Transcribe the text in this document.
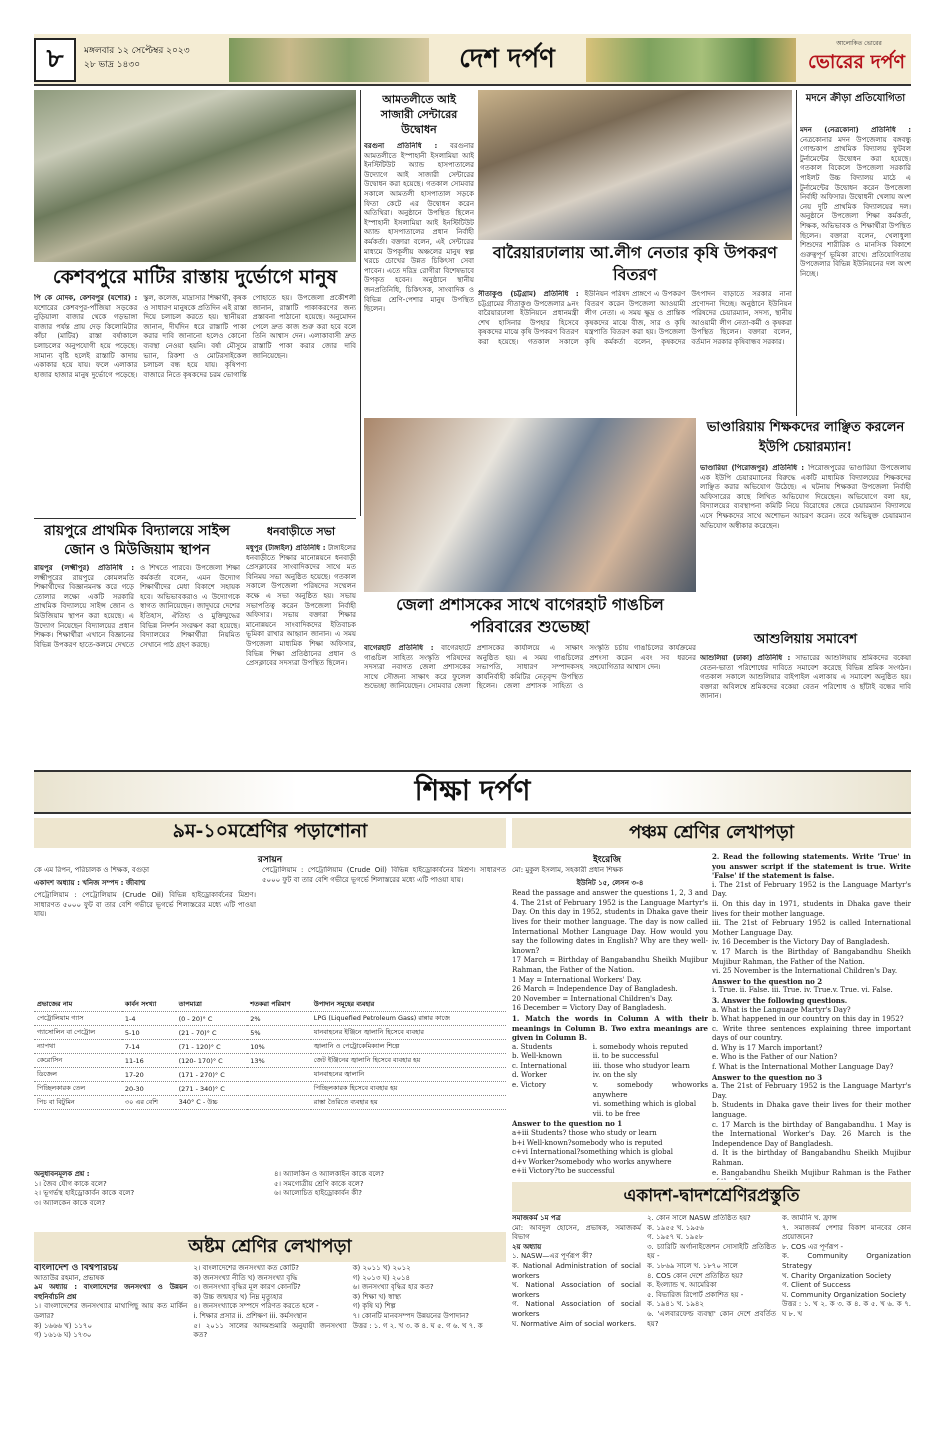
৮	মঙ্গলবার ১২ সেপ্টেম্বর ২০২৩
২৮ ভাদ্র ১৪৩০	দেশ দর্পণ
আলোকিত ভোরের
ভোরের দর্পণ
কেশবপুরে মাটির রাস্তায় দুর্ভোগে মানুষ
পি কে মোদক, কেশবপুর (যশোর) : যশোরের কেশবপুর-পাঁজিয়া সড়কের নুড়িয়ালা বাজার থেকে গড়ভাঙ্গা বাজার পর্যন্ত প্রায় দেড় কিলোমিটার কাঁচা (মাটির) রাস্তা বর্ষাকালে চলাচলের অনুপযোগী হয়ে পড়েছে। সামান্য বৃষ্টি হলেই রাস্তাটি কাদায় একাকার হয়ে যায়। ফলে এলাকার হাজার হাজার মানুষ দুর্ভোগে পড়েছে। স্কুল, কলেজ, মাদ্রাসার শিক্ষার্থী, কৃষক ও সাধারণ মানুষকে প্রতিদিন এই রাস্তা দিয়ে চলাচল করতে হয়। স্থানীয়রা জানান, দীর্ঘদিন ধরে রাস্তাটি পাকা করার দাবি জানানো হলেও কোনো ব্যবস্থা নেওয়া হয়নি। বর্ষা মৌসুমে ভ্যান, রিকশা ও মোটরসাইকেল চলাচল বন্ধ হয়ে যায়। কৃষিপণ্য বাজারে নিতে কৃষকদের চরম ভোগান্তি পোহাতে হয়। উপজেলা প্রকৌশলী জানান, রাস্তাটি পাকাকরণের জন্য প্রস্তাবনা পাঠানো হয়েছে। অনুমোদন পেলে দ্রুত কাজ শুরু করা হবে বলে তিনি আশ্বাস দেন। এলাকাবাসী দ্রুত রাস্তাটি পাকা করার জোর দাবি জানিয়েছেন।
রায়পুরে প্রাথমিক বিদ্যালয়ে সাইন্স জোন ও মিউজিয়াম স্থাপন
রায়পুর (লক্ষ্মীপুর) প্রতিনিধি : লক্ষ্মীপুরের রায়পুরে কোমলমতি শিক্ষার্থীদের বিজ্ঞানমনস্ক করে গড়ে তোলার লক্ষ্যে একটি সরকারি প্রাথমিক বিদ্যালয়ে সাইন্স জোন ও মিউজিয়াম স্থাপন করা হয়েছে। এ উদ্যোগ নিয়েছেন বিদ্যালয়ের প্রধান শিক্ষক। শিক্ষার্থীরা এখানে বিজ্ঞানের বিভিন্ন উপকরণ হাতে-কলমে দেখতে ও শিখতে পারবে। উপজেলা শিক্ষা কর্মকর্তা বলেন, এমন উদ্যোগ শিক্ষার্থীদের মেধা বিকাশে সহায়ক হবে। অভিভাবকরাও এ উদ্যোগকে স্বাগত জানিয়েছেন। জাদুঘরে দেশের ইতিহাস, ঐতিহ্য ও মুক্তিযুদ্ধের বিভিন্ন নিদর্শন সংরক্ষণ করা হয়েছে। বিদ্যালয়ের শিক্ষার্থীরা নিয়মিত সেখানে পাঠ গ্রহণ করছে।
ধনবাড়ীতে সভা
মধুপুর (টাঙ্গাইল) প্রতিনিধি : টাঙ্গাইলের ধনবাড়ীতে শিক্ষার মানোন্নয়নে ধনবাড়ী প্রেসক্লাবের সাংবাদিকদের সাথে মত বিনিময় সভা অনুষ্ঠিত হয়েছে। গতকাল সকালে উপজেলা পরিষদের সম্মেলন কক্ষে এ সভা অনুষ্ঠিত হয়। সভায় সভাপতিত্ব করেন উপজেলা নির্বাহী অফিসার। সভায় বক্তারা শিক্ষার মানোন্নয়নে সাংবাদিকদের ইতিবাচক ভূমিকা রাখার আহ্বান জানান। এ সময় উপজেলা মাধ্যমিক শিক্ষা অফিসার, বিভিন্ন শিক্ষা প্রতিষ্ঠানের প্রধান ও প্রেসক্লাবের সদস্যরা উপস্থিত ছিলেন।
আমতলীতে আই সাজারী সেন্টারের উদ্বোধন
বরগুনা প্রতিনিধি : বরগুনার আমতলীতে ইস্পাহানী ইসলামিয়া আই ইনস্টিটিউট অ্যান্ড হাসপাতালের উদ্যোগে আই সাজারী সেন্টারের উদ্বোধন করা হয়েছে। গতকাল সোমবার সকালে আমতলী হাসপাতাল সড়কে ফিতা কেটে এর উদ্বোধন করেন অতিথিরা। অনুষ্ঠানে উপস্থিত ছিলেন ইস্পাহানী ইসলামিয়া আই ইনস্টিটিউট অ্যান্ড হাসপাতালের প্রধান নির্বাহী কর্মকর্তা। বক্তারা বলেন, এই সেন্টারের মাধ্যমে উপকূলীয় অঞ্চলের মানুষ স্বল্প খরচে চোখের উন্নত চিকিৎসা সেবা পাবেন। এতে দরিদ্র রোগীরা বিশেষভাবে উপকৃত হবেন। অনুষ্ঠানে স্থানীয় জনপ্রতিনিধি, চিকিৎসক, সাংবাদিক ও বিভিন্ন শ্রেণি-পেশার মানুষ উপস্থিত ছিলেন।
বারৈয়ারঢালায় আ.লীগ নেতার কৃষি উপকরণ বিতরণ
সীতাকুণ্ড (চট্টগ্রাম) প্রতিনিধি : চট্টগ্রামের সীতাকুণ্ড উপজেলার ৯নং বারৈয়ারঢালা ইউনিয়নে প্রধানমন্ত্রী শেখ হাসিনার উপহার হিসেবে কৃষকদের মাঝে কৃষি উপকরণ বিতরণ করা হয়েছে। গতকাল সকালে ইউনিয়ন পরিষদ প্রাঙ্গণে এ উপকরণ বিতরণ করেন উপজেলা আওয়ামী লীগ নেতা। এ সময় ক্ষুদ্র ও প্রান্তিক কৃষকদের মাঝে বীজ, সার ও কৃষি যন্ত্রপাতি বিতরণ করা হয়। উপজেলা কৃষি কর্মকর্তা বলেন, কৃষকদের উৎপাদন বাড়াতে সরকার নানা প্রণোদনা দিচ্ছে। অনুষ্ঠানে ইউনিয়ন পরিষদের চেয়ারম্যান, সদস্য, স্থানীয় আওয়ামী লীগ নেতা-কর্মী ও কৃষকরা উপস্থিত ছিলেন। বক্তারা বলেন, বর্তমান সরকার কৃষিবান্ধব সরকার।
মদনে ক্রীড়া প্রতিযোগিতা
মদন (নেত্রকোনা) প্রতিনিধি : নেত্রকোনার মদন উপজেলায় বঙ্গবন্ধু গোল্ডকাপ প্রাথমিক বিদ্যালয় ফুটবল টুর্নামেন্টের উদ্বোধন করা হয়েছে। গতকাল বিকেলে উপজেলা সরকারি পাইলট উচ্চ বিদ্যালয় মাঠে এ টুর্নামেন্টের উদ্বোধন করেন উপজেলা নির্বাহী অফিসার। উদ্বোধনী খেলায় অংশ নেয় দুটি প্রাথমিক বিদ্যালয়ের দল। অনুষ্ঠানে উপজেলা শিক্ষা কর্মকর্তা, শিক্ষক, অভিভাবক ও শিক্ষার্থীরা উপস্থিত ছিলেন। বক্তারা বলেন, খেলাধুলা শিশুদের শারীরিক ও মানসিক বিকাশে গুরুত্বপূর্ণ ভূমিকা রাখে। প্রতিযোগিতায় উপজেলার বিভিন্ন ইউনিয়নের দল অংশ নিচ্ছে।
জেলা প্রশাসকের সাথে বাগেরহাট গাঙচিল পরিবারের শুভেচ্ছা
বাগেরহাট প্রতিনিধি : বাগেরহাটে গাঙচিল সাহিত্য সংস্কৃতি পরিষদের সদস্যরা নবাগত জেলা প্রশাসকের সাথে সৌজন্য সাক্ষাৎ করে ফুলেল শুভেচ্ছা জানিয়েছেন। সোমবার জেলা প্রশাসকের কার্যালয়ে এ সাক্ষাৎ অনুষ্ঠিত হয়। এ সময় গাঙচিলের সভাপতি, সাধারণ সম্পাদকসহ কার্যনির্বাহী কমিটির নেতৃবৃন্দ উপস্থিত ছিলেন। জেলা প্রশাসক সাহিত্য ও সংস্কৃতি চর্চায় গাঙচিলের কার্যক্রমের প্রশংসা করেন এবং সব ধরনের সহযোগিতার আশ্বাস দেন।
ভাণ্ডারিয়ায় শিক্ষকদের লাঞ্ছিত করলেন ইউপি চেয়ারম্যান!
ভাণ্ডারিয়া (পিরোজপুর) প্রতিনিধি : পিরোজপুরের ভাণ্ডারিয়া উপজেলায় এক ইউপি চেয়ারম্যানের বিরুদ্ধে একটি মাধ্যমিক বিদ্যালয়ের শিক্ষকদের লাঞ্ছিত করার অভিযোগ উঠেছে। এ ঘটনায় শিক্ষকরা উপজেলা নির্বাহী অফিসারের কাছে লিখিত অভিযোগ দিয়েছেন। অভিযোগে বলা হয়, বিদ্যালয়ের ব্যবস্থাপনা কমিটি নিয়ে বিরোধের জেরে চেয়ারম্যান বিদ্যালয়ে এসে শিক্ষকদের সাথে অশোভন আচরণ করেন। তবে অভিযুক্ত চেয়ারম্যান অভিযোগ অস্বীকার করেছেন।
আশুলিয়ায় সমাবেশ
আশুলিয়া (ঢাকা) প্রতিনিধি : সাভারের আশুলিয়ায় শ্রমিকদের বকেয়া বেতন-ভাতা পরিশোধের দাবিতে সমাবেশ করেছে বিভিন্ন শ্রমিক সংগঠন। গতকাল সকালে আশুলিয়ার বাইপাইল এলাকায় এ সমাবেশ অনুষ্ঠিত হয়। বক্তারা অবিলম্বে শ্রমিকদের বকেয়া বেতন পরিশোধ ও ছাঁটাই বন্ধের দাবি জানান।
শিক্ষা দর্পণ
৯ম-১০মশ্রেণির পড়াশোনা
রসায়ন
কে এম রিপন, পরিচালক ও শিক্ষক, বগুড়া
একাদশ অধ্যায় : খনিজ সম্পদ : জীবাশ্ম
পেট্রোলিয়াম : পেট্রোলিয়াম (Crude Oil) বিভিন্ন হাইড্রোকার্বনের মিশ্রণ। সাধারণত ৫০০০ ফুট বা তার বেশি গভীরে ভূগর্ভে শিলাস্তরের মধ্যে এটি পাওয়া যায়।
পেট্রোলিয়াম : পেট্রোলিয়াম (Crude Oil) বিভিন্ন হাইড্রোকার্বনের মিশ্রণ। সাধারণত ৫০০০ ফুট বা তার বেশি গভীরে ভূগর্ভে শিলাস্তরের মধ্যে এটি পাওয়া যায়।
প্রভাজের নাম	কার্বন সংখ্যা	তাপমাত্রা	শতকরা পরিমাণ	উপাদান সমূহের ব্যবহার
পেট্রোলিয়াম গ্যাস	1-4	(0 - 20)° C	2%	LPG (Liquefied Petroleum Gass) রান্নার কাজে
গ্যাসোলিন বা পেট্রোল	5-10	(21 - 70)° C	5%	যানবাহনের ইঞ্জিনে জ্বালানি হিসেবে ব্যবহার
ন্যাপথা	7-14	(71 - 120)° C	10%	জ্বালানি ও পেট্রোকেমিক্যাল শিল্পে
কেরোসিন	11-16	(120- 170)° C	13%	জেট ইঞ্জিনের জ্বালানি হিসেবে ব্যবহার হয়
ডিজেল	17-20	(171 - 270)° C		যানবাহনের জ্বালানি
পিচ্ছিলকারক তেল	20-30	(271 - 340)° C		পিচ্ছিলকারক হিসেবে ব্যবহার হয়
পিচ বা বিটুমিন	৩০ এর বেশি	340° C - উচ্চ		রাস্তা তৈরিতে ব্যবহার হয়
অনুধাবনমূলক প্রশ্ন :
১। জৈব যৌগ কাকে বলে?
২। ভূগর্ভস্থ হাইড্রোকার্বন কাকে বলে?
৩। অ্যালকেন কাকে বলে?
৪। অ্যালকিন ও অ্যালকাইন কাকে বলে?
৫। সমগোত্রীয় শ্রেণি কাকে বলে?
৬। আলোচিত হাইড্রোকার্বন কী?
পঞ্চম শ্রেণির লেখাপড়া
ইংরেজি
মো: মুকুল ইসলাম, সহকারী প্রধান শিক্ষক
ইউনিট ১৫, লেসন ৩-৪
Read the passage and answer the questions 1, 2, 3 and 4. The 21st of February 1952 is the Language Martyr's Day. On this day in 1952, students in Dhaka gave their lives for their mother language. The day is now called International Mother Language Day. How would you say the following dates in English? Why are they well-known?
17 March = Birthday of Bangabandhu Sheikh Mujibur Rahman, the Father of the Nation.
1 May = International Workers' Day.
26 March = Independence Day of Bangladesh.
20 November = International Children's Day.
16 December = Victory Day of Bangladesh.
1. Match the words in Column A with their meanings in Column B. Two extra meanings are given in Column B.
a. Students
b. Well-known
c. International
d. Worker
e. Victory
i. somebody whois reputed
ii. to be successful
iii. those who studyor learn
iv. on the sly
v. somebody whoworks anywhere
vi. something which is global
vii. to be free
Answer to the question no 1
a+iii Students? those who study or learn
b+i Well-known?somebody who is reputed
c+vi International?something which is global
d+v Worker?somebody who works anywhere
e+ii Victory?to be successful
2. Read the following statements. Write 'True' in you answer script if the statement is true. Write 'False' if the statement is false.
i. The 21st of February 1952 is the Language Martyr's Day.
ii. On this day in 1971, students in Dhaka gave their lives for their mother language.
iii. The 21st of February 1952 is called International Mother Language Day.
iv. 16 December is the Victory Day of Bangladesh.
v. 17 March is the Birthday of Bangabandhu Sheikh Mujibur Rahman, the Father of the Nation.
vi. 25 November is the International Children's Day.
Answer to the question no 2
i. True. ii. False. iii. True. iv. True.v. True. vi. False.
3. Answer the following questions.
a. What is the Language Martyr's Day?
b. What happened in our country on this day in 1952?
c. Write three sentences explaining three important days of our country.
d. Why is 17 March important?
e. Who is the Father of our Nation?
f. What is the International Mother Language Day?
Answer to the question no 3
a. The 21st of February 1952 is the Language Martyr's Day.
b. Students in Dhaka gave their lives for their mother language.
c. 17 March is the birthday of Bangabandhu. 1 May is the International Worker's Day. 26 March is the Independence Day of Bangladesh.
d. It is the birthday of Bangabandhu Sheikh Mujibur Rahman.
e. Bangabandhu Sheikh Mujibur Rahman is the Father
একাদশ-দ্বাদশশ্রেণিরপ্রস্তুতি
সমাজকর্ম ১ম পত্র
মো: আবদুল হোসেন, প্রভাষক, সমাজকর্ম বিভাগ
২য় অধ্যায়
১. NASW—এর পূর্ণরূপ কী?
ক. National Administration of social workers
খ. National Association of social workers
গ. National Association of social workers
ঘ. Normative Aim of social workers.
২. কোন সালে NASW প্রতিষ্ঠিত হয়?
ক. ১৯৫৫ খ. ১৯৫৬
গ. ১৯৫৭ ঘ. ১৯৫৮
৩. চ্যারিটি অর্গানাইজেশন সোসাইটি প্রতিষ্ঠিত হয় -
ক. ১৮৬৯ সালে খ. ১৮৭০ সালে
৪. COS কোন দেশে প্রতিষ্ঠিত হয়?
ক. ইংল্যান্ড খ. আমেরিকা
৫. বিভারিজ রিপোর্ট প্রকাশিত হয় -
ক. ১৯৪১ খ. ১৯৪২
৬. 'এলবারফেল্ড ব্যবস্থা' কোন দেশে প্রবর্তিত হয়?
ক. জার্মানি খ. ফ্রান্স
৭. সমাজকর্ম পেশার বিকাশ মানবের কোন প্রয়োজনে?
৮. COS এর পূর্ণরূপ -
ক. Community Organization Strategy
খ. Charity Organization Society
গ. Client of Success
ঘ. Community Organization Society
উত্তর : ১. খ ২. ক ৩. ক ৪. ক ৫. খ ৬. ক ৭. ঘ ৮. খ
অষ্টম শ্রেণির লেখাপড়া
বাংলাদেশ ও বিশ্বপরিচয়
আতাউর রহমান, প্রভাষক
৯ম অধ্যায় : বাংলাদেশের জনসংখ্যা ও উন্নয়ন বহুনির্বাচনি প্রশ্ন
১। বাংলাদেশের জনসংখ্যার মাথাপিছু আয় কত মার্কিন ডলার?
ক) ১৬৬৬ খ) ১১৭০
গ) ১৬১৬ ঘ) ১৭৩০
২। বাংলাদেশের জনসংখ্যা কত কোটি?
ক) জনসংখ্যা নীতি খ) জনসংখ্যা বৃদ্ধি
৩। জনসংখ্যা বৃদ্ধির মূল কারণ কোনটি?
ক) উচ্চ জন্মহার খ) নিম্ন মৃত্যুহার
৪। জনসংখ্যাকে সম্পদে পরিণত করতে হলে -
i. শিক্ষার প্রসার ii. প্রশিক্ষণ iii. কর্মসংস্থান
৫। ২০১১ সালের আদমশুমারি অনুযায়ী জনসংখ্যা কত?
ক) ২০১১ খ) ২০১২
গ) ২০১৩ ঘ) ২০১৪
৬। জনসংখ্যা বৃদ্ধির হার কত?
ক) শিক্ষা খ) স্বাস্থ্য
গ) কৃষি ঘ) শিল্প
৭। কোনটি মানবসম্পদ উন্নয়নের উপাদান?
উত্তর : ১. গ ২. খ ৩. ক ৪. ঘ ৫. গ ৬. খ ৭. ক
